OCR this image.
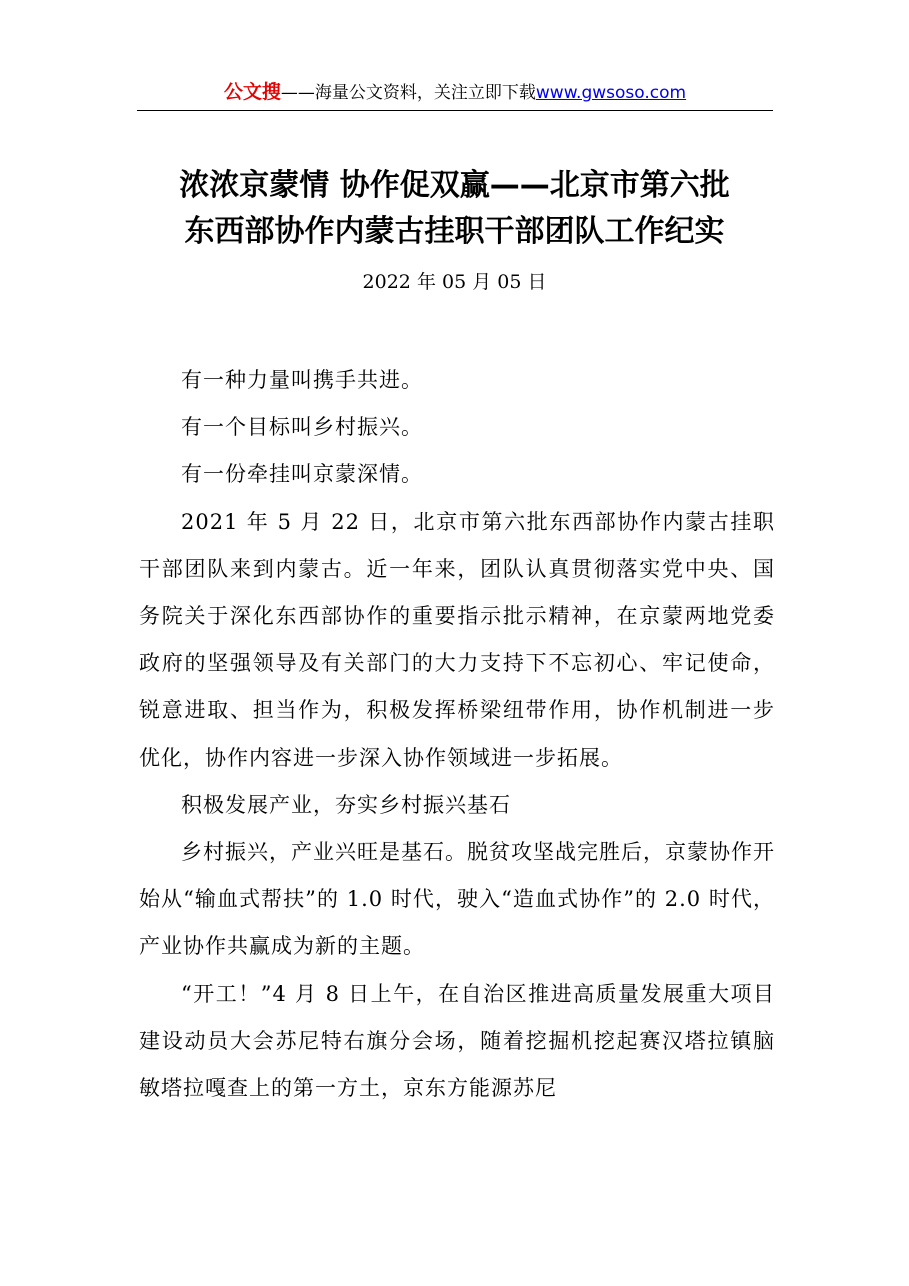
公文搜——海量公文资料，关注立即下载www.gwsoso.com
浓浓京蒙情 协作促双赢——北京市第六批
东西部协作内蒙古挂职干部团队工作纪实
2022 年 05 月 05 日

有一种力量叫携手共进。

有一个目标叫乡村振兴。

有一份牵挂叫京蒙深情。

2021 年 5 月 22 日，北京市第六批东西部协作内蒙古挂职干部团队来到内蒙古。近一年来，团队认真贯彻落实党中央、国务院关于深化东西部协作的重要指示批示精神，在京蒙两地党委政府的坚强领导及有关部门的大力支持下不忘初心、牢记使命，锐意进取、担当作为，积极发挥桥梁纽带作用，协作机制进一步优化，协作内容进一步深入协作领域进一步拓展。

积极发展产业，夯实乡村振兴基石

乡村振兴，产业兴旺是基石。脱贫攻坚战完胜后，京蒙协作开始从“输血式帮扶”的 1.0 时代，驶入“造血式协作”的 2.0 时代，产业协作共赢成为新的主题。

“开工！”4 月 8 日上午，在自治区推进高质量发展重大项目建设动员大会苏尼特右旗分会场，随着挖掘机挖起赛汉塔拉镇脑敏塔拉嘎查上的第一方土，京东方能源苏尼
